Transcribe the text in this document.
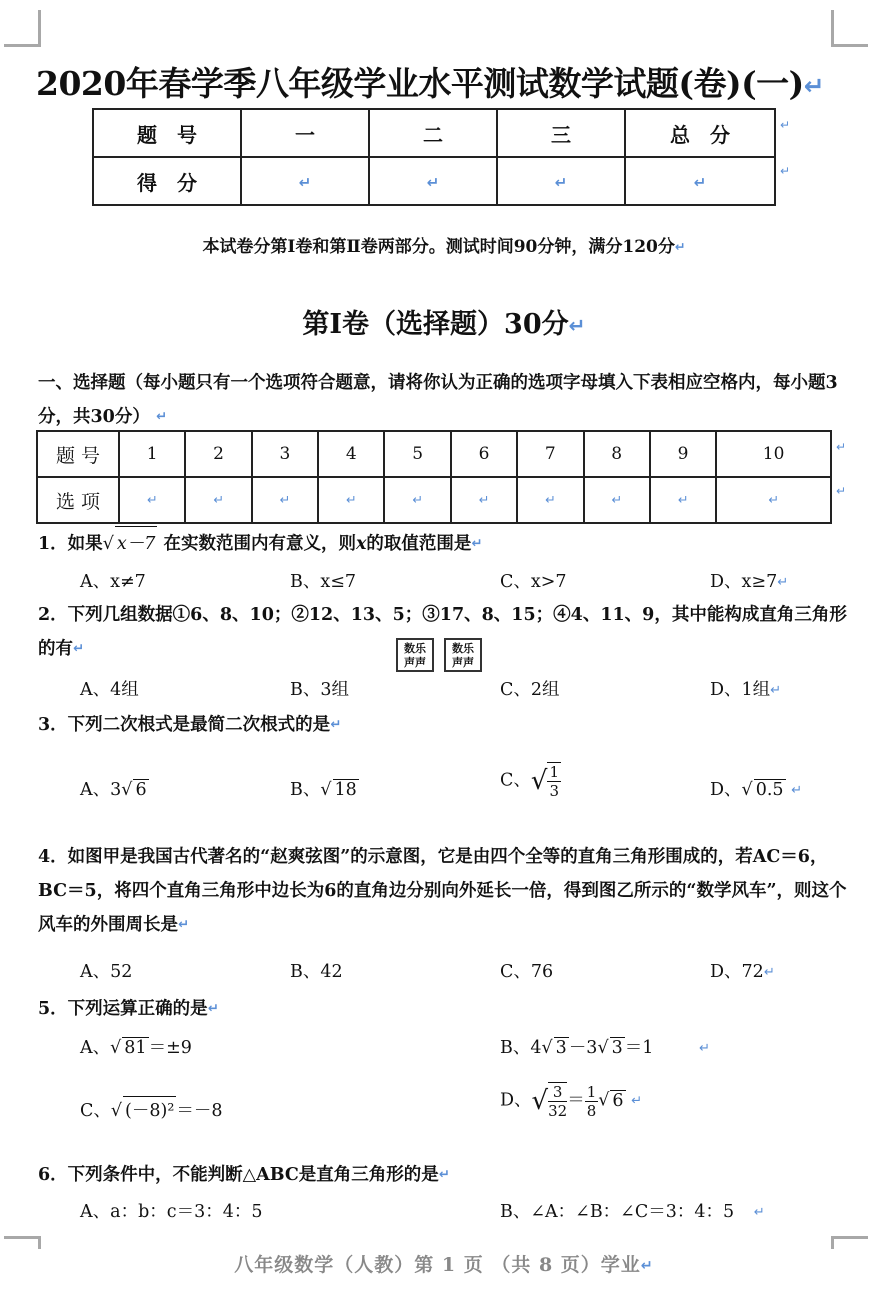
2020年春学季八年级学业水平测试数学试题(卷)(一)↵
题　号	一	二	三	总　分
得　分	↵	↵	↵	↵
↵
↵
本试卷分第Ⅰ卷和第Ⅱ卷两部分。测试时间90分钟，满分120分↵
第Ⅰ卷（选择题）30分↵
一、选择题（每小题只有一个选项符合题意，请将你认为正确的选项字母填入下表相应空格内，每小题3分，共30分） ↵
题 号	1	2	3	4	5	6	7	8	9	10
选 项	↵	↵	↵	↵	↵	↵	↵	↵	↵	↵
↵
↵
1．如果√ x－7 在实数范围内有意义，则x的取值范围是↵
A、x≠7	B、x≤7	C、x>7	D、x≥7↵
2．下列几组数据①6、8、10；②12、13、5；③17、8、15；④4、11、9，其中能构成直角三角形的有↵	数乐
声声
数乐
声声
A、4组	B、3组	C、2组	D、1组↵
3．下列二次根式是最简二次根式的是↵
A、3√ 6	B、√ 18	C、√ $\frac{1}{3}$	D、√ 0.5 ↵
4．如图甲是我国古代著名的“赵爽弦图”的示意图，它是由四个全等的直角三角形围成的，若AC＝6，BC＝5，将四个直角三角形中边长为6的直角边分别向外延长一倍，得到图乙所示的“数学风车”，则这个风车的外围周长是↵
A、52	B、42	C、76	D、72↵
5．下列运算正确的是↵
A、√ 81 ＝±9	B、4√ 3 －3√ 3 ＝1	↵
C、√ (－8)² ＝－8
D、√ $\frac{3}{32} = \frac{1}{8}$ √ 6 ↵
6．下列条件中，不能判断△ABC是直角三角形的是↵
A、a：b：c＝3：4：5	B、∠A：∠B：∠C＝3：4：5 ↵
八年级数学（人教）第 1 页 （共 8 页）学业↵
